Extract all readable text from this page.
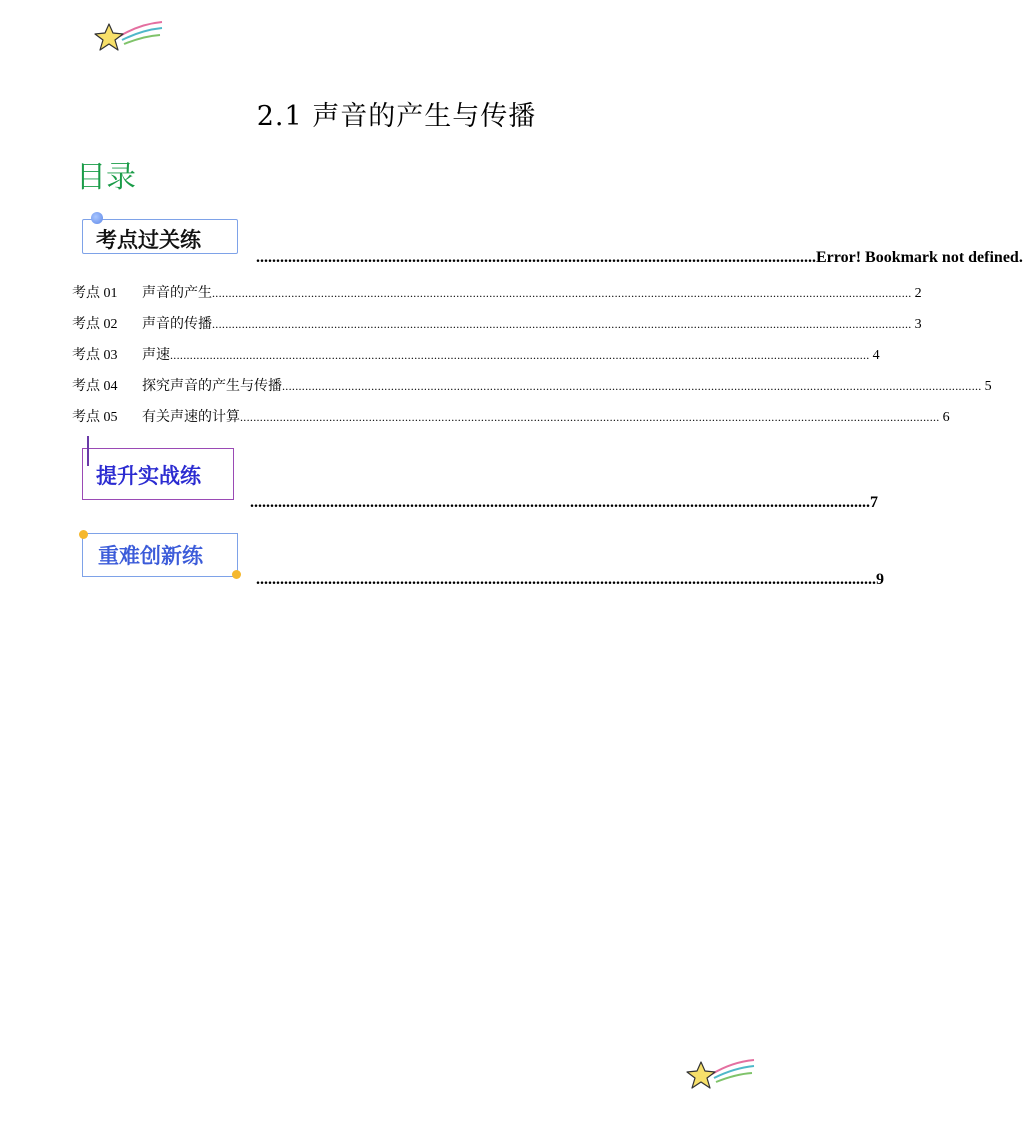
2.1 声音的产生与传播
目录
考点过关练
............................................................................................................................................ Error! Bookmark not defined.
考点 01	声音的产生 .................................................................................................................................................................................................................... 2
考点 02	声音的传播 .................................................................................................................................................................................................................... 3
考点 03	声速 .................................................................................................................................................................................................................... 4
考点 04	探究声音的产生与传播 .................................................................................................................................................................................................................... 5
考点 05	有关声速的计算 .................................................................................................................................................................................................................... 6
提升实战练
........................................................................................................................................................... 7
重难创新练
........................................................................................................................................................... 9
